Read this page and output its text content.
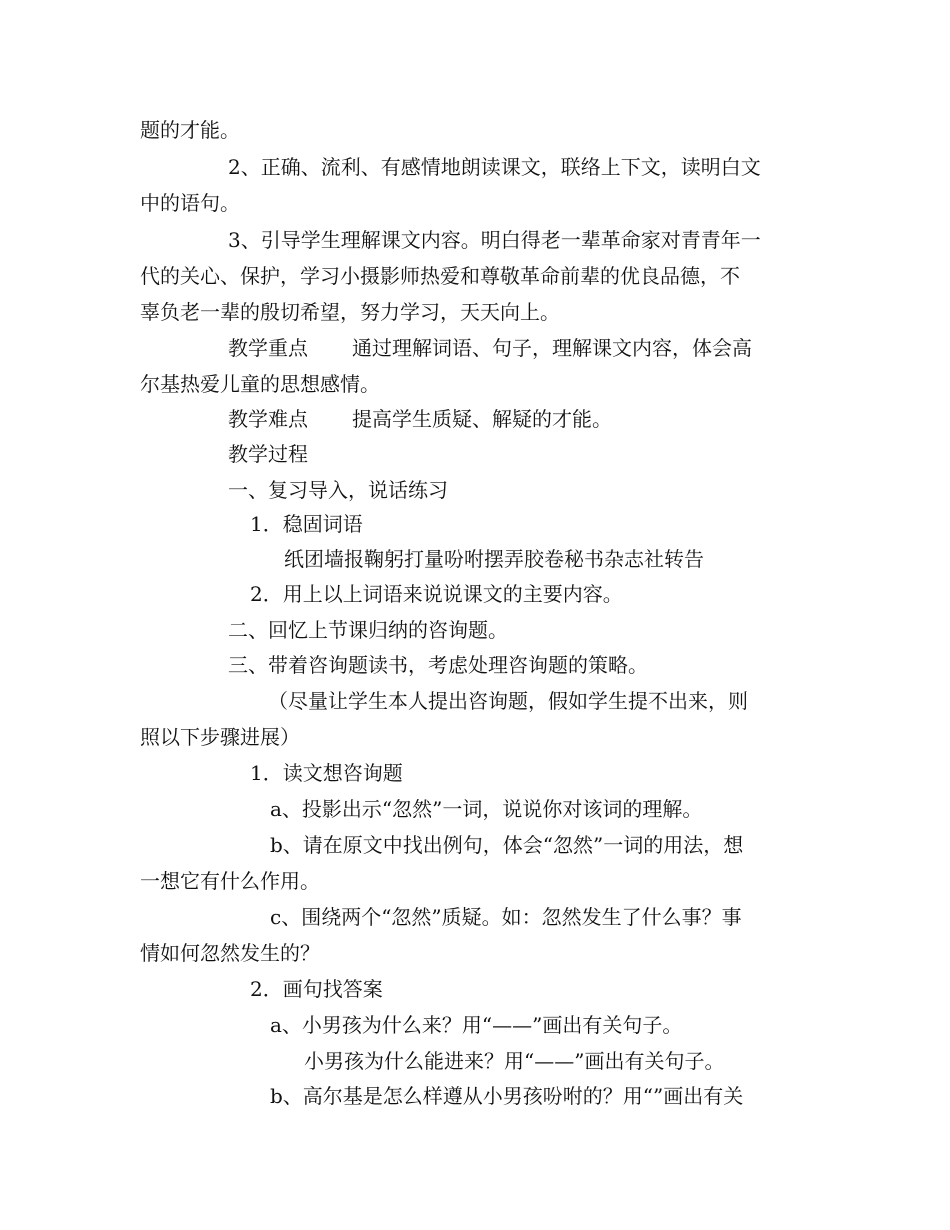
题的才能。
2、正确、流利、有感情地朗读课文，联络上下文，读明白文
中的语句。
3、引导学生理解课文内容。明白得老一辈革命家对青青年一
代的关心、保护，学习小摄影师热爱和尊敬革命前辈的优良品德，不
辜负老一辈的殷切希望，努力学习，天天向上。
教学重点 通过理解词语、句子，理解课文内容，体会高
尔基热爱儿童的思想感情。
教学难点 提高学生质疑、解疑的才能。
教学过程
一、复习导入，说话练习
1．稳固词语
纸团墙报鞠躬打量吩咐摆弄胶卷秘书杂志社转告
2．用上以上词语来说说课文的主要内容。
二、回忆上节课归纳的咨询题。
三、带着咨询题读书，考虑处理咨询题的策略。
（尽量让学生本人提出咨询题，假如学生提不出来，则
照以下步骤进展）
1．读文想咨询题
a、投影出示“忽然”一词，说说你对该词的理解。
b、请在原文中找出例句，体会“忽然”一词的用法，想
一想它有什么作用。
c、围绕两个“忽然”质疑。如：忽然发生了什么事？事
情如何忽然发生的？
2．画句找答案
a、小男孩为什么来？用“——”画出有关句子。
小男孩为什么能进来？用“——”画出有关句子。
b、高尔基是怎么样遵从小男孩吩咐的？用“”画出有关
